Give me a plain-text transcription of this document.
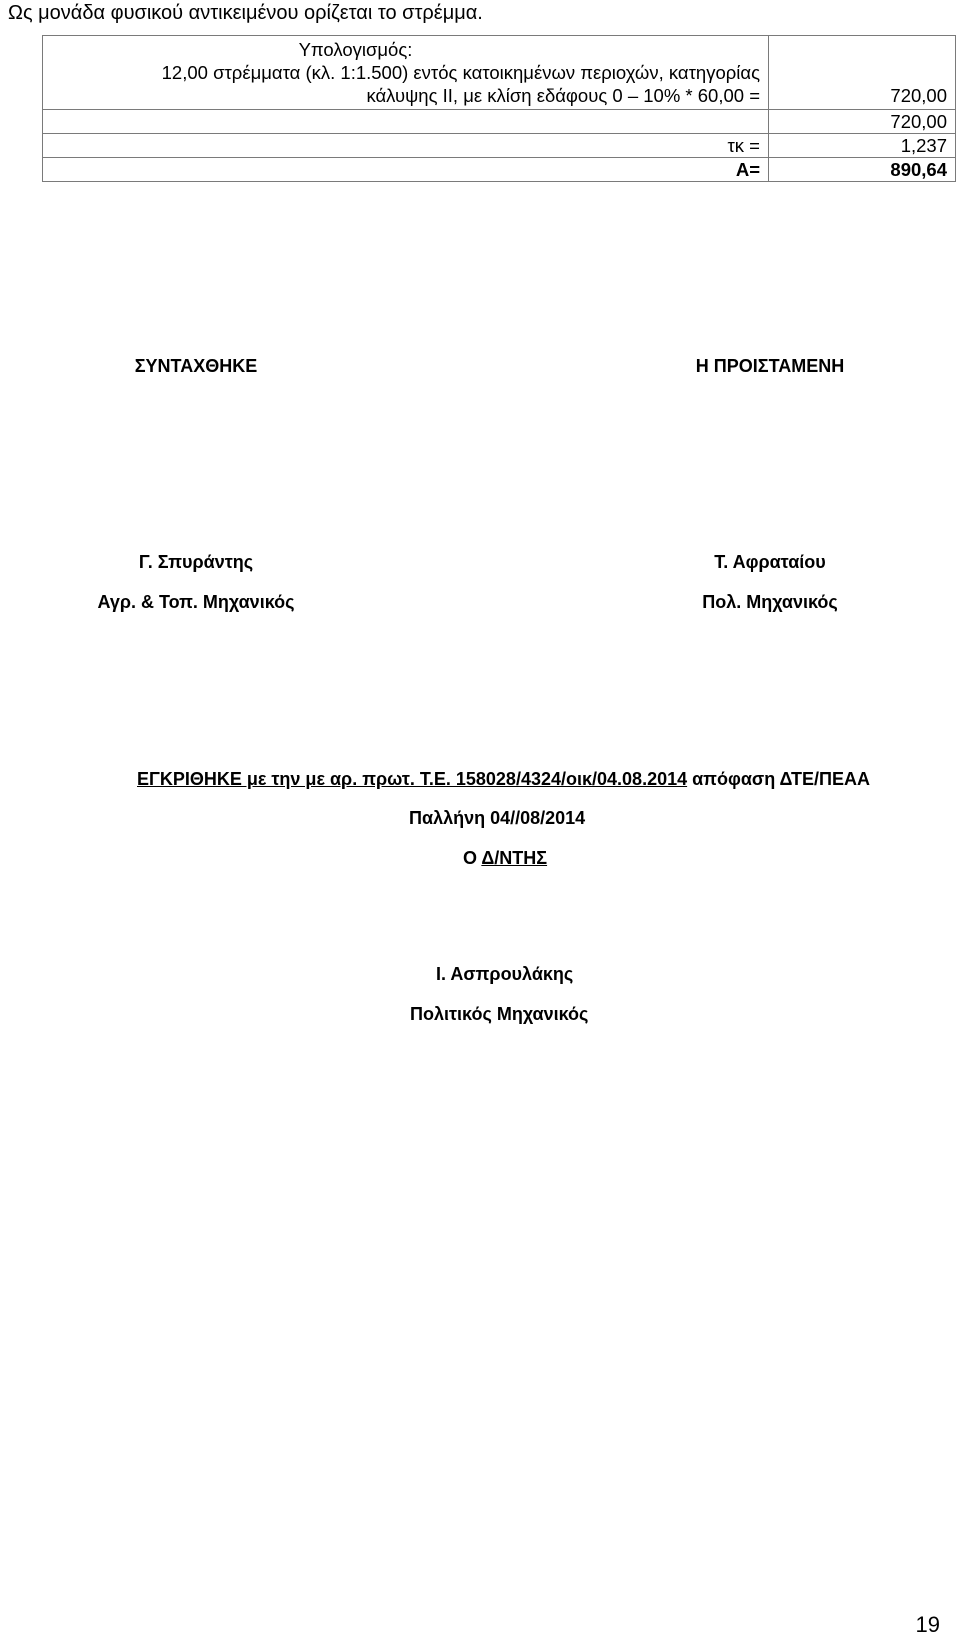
Ως μονάδα φυσικού αντικειμένου ορίζεται το στρέμμα.
Υπολογισμός:
12,00 στρέμματα (κλ. 1:1.500) εντός κατοικημένων περιοχών, κατηγορίας
κάλυψης ΙΙ, με κλίση εδάφους 0 – 10% * 60,00 =	720,00
	720,00
τκ =	1,237
Α=	890,64
ΣΥΝΤΑΧΘΗΚΕ	Η ΠΡΟΙΣΤΑΜΕΝΗ
Γ. Σπυράντης
Αγρ. & Τοπ. Μηχανικός
Τ. Αφραταίου
Πολ. Μηχανικός
ΕΓΚΡΙΘΗΚΕ με την με αρ. πρωτ. Τ.Ε. 158028/4324/οικ/04.08.2014 απόφαση ΔΤΕ/ΠΕΑΑ
Παλλήνη 04//08/2014
Ο Δ/ΝΤΗΣ
Ι. Ασπρουλάκης
Πολιτικός Μηχανικός
19
